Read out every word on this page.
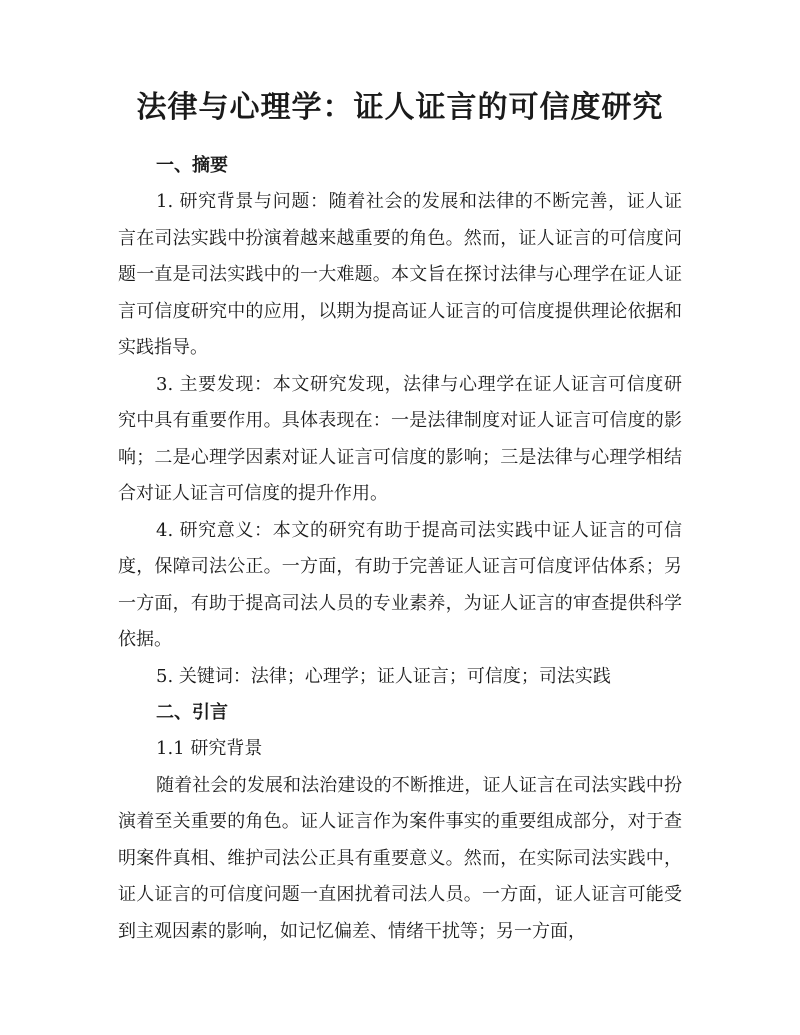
法律与心理学：证人证言的可信度研究
一、摘要

1. 研究背景与问题：随着社会的发展和法律的不断完善，证人证言在司法实践中扮演着越来越重要的角色。然而，证人证言的可信度问题一直是司法实践中的一大难题。本文旨在探讨法律与心理学在证人证言可信度研究中的应用，以期为提高证人证言的可信度提供理论依据和实践指导。

3. 主要发现：本文研究发现，法律与心理学在证人证言可信度研究中具有重要作用。具体表现在：一是法律制度对证人证言可信度的影响；二是心理学因素对证人证言可信度的影响；三是法律与心理学相结合对证人证言可信度的提升作用。

4. 研究意义：本文的研究有助于提高司法实践中证人证言的可信度，保障司法公正。一方面，有助于完善证人证言可信度评估体系；另一方面，有助于提高司法人员的专业素养，为证人证言的审查提供科学依据。

5. 关键词：法律；心理学；证人证言；可信度；司法实践

二、引言
1.1 研究背景

随着社会的发展和法治建设的不断推进，证人证言在司法实践中扮演着至关重要的角色。证人证言作为案件事实的重要组成部分，对于查明案件真相、维护司法公正具有重要意义。然而，在实际司法实践中，证人证言的可信度问题一直困扰着司法人员。一方面，证人证言可能受到主观因素的影响，如记忆偏差、情绪干扰等；另一方面，
